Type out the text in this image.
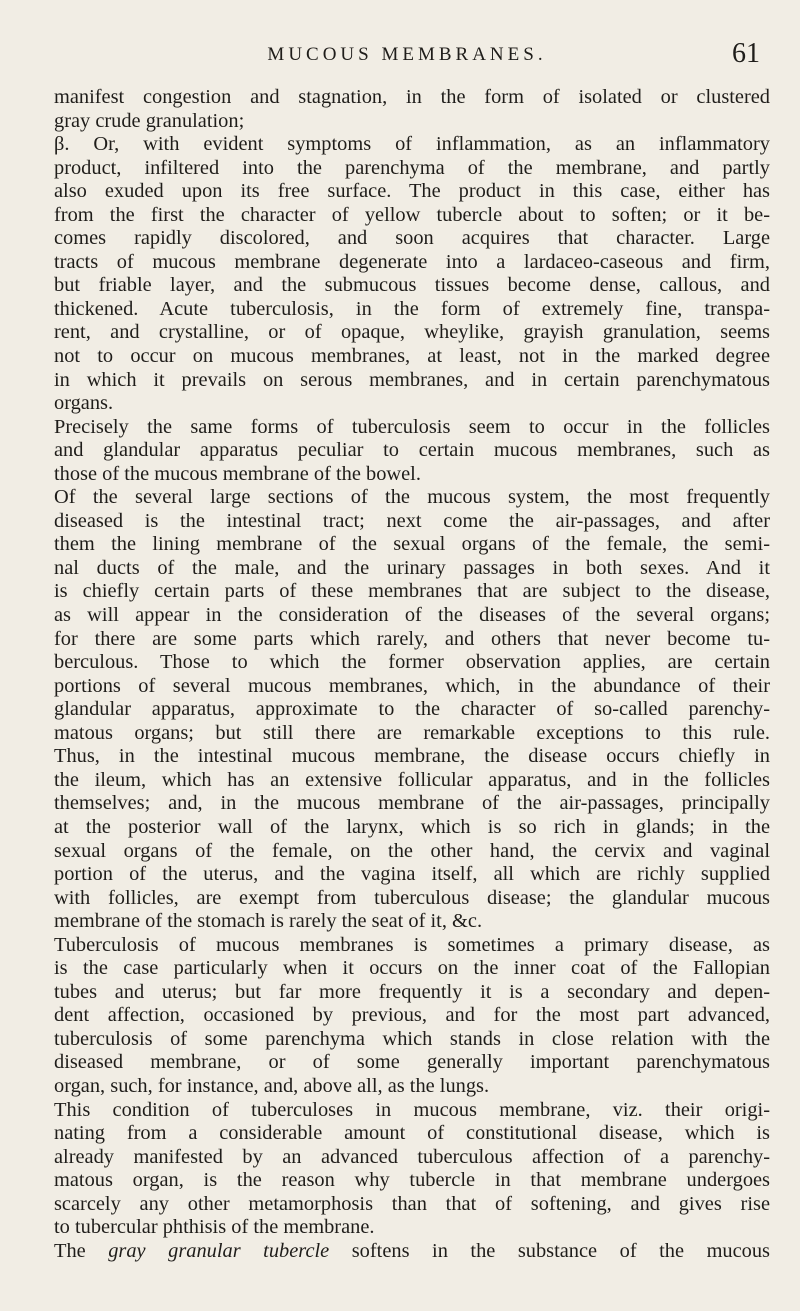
MUCOUS MEMBRANES.	61
manifest congestion and stagnation, in the form of isolated or clustered
gray crude granulation;
β. Or, with evident symptoms of inflammation, as an inflammatory
product, infiltered into the parenchyma of the membrane, and partly
also exuded upon its free surface. The product in this case, either has
from the first the character of yellow tubercle about to soften; or it be-
comes rapidly discolored, and soon acquires that character. Large
tracts of mucous membrane degenerate into a lardaceo-caseous and firm,
but friable layer, and the submucous tissues become dense, callous, and
thickened. Acute tuberculosis, in the form of extremely fine, transpa-
rent, and crystalline, or of opaque, wheylike, grayish granulation, seems
not to occur on mucous membranes, at least, not in the marked degree
in which it prevails on serous membranes, and in certain parenchymatous
organs.
Precisely the same forms of tuberculosis seem to occur in the follicles
and glandular apparatus peculiar to certain mucous membranes, such as
those of the mucous membrane of the bowel.
Of the several large sections of the mucous system, the most frequently
diseased is the intestinal tract; next come the air-passages, and after
them the lining membrane of the sexual organs of the female, the semi-
nal ducts of the male, and the urinary passages in both sexes. And it
is chiefly certain parts of these membranes that are subject to the disease,
as will appear in the consideration of the diseases of the several organs;
for there are some parts which rarely, and others that never become tu-
berculous. Those to which the former observation applies, are certain
portions of several mucous membranes, which, in the abundance of their
glandular apparatus, approximate to the character of so-called parenchy-
matous organs; but still there are remarkable exceptions to this rule.
Thus, in the intestinal mucous membrane, the disease occurs chiefly in
the ileum, which has an extensive follicular apparatus, and in the follicles
themselves; and, in the mucous membrane of the air-passages, principally
at the posterior wall of the larynx, which is so rich in glands; in the
sexual organs of the female, on the other hand, the cervix and vaginal
portion of the uterus, and the vagina itself, all which are richly supplied
with follicles, are exempt from tuberculous disease; the glandular mucous
membrane of the stomach is rarely the seat of it, &c.
Tuberculosis of mucous membranes is sometimes a primary disease, as
is the case particularly when it occurs on the inner coat of the Fallopian
tubes and uterus; but far more frequently it is a secondary and depen-
dent affection, occasioned by previous, and for the most part advanced,
tuberculosis of some parenchyma which stands in close relation with the
diseased membrane, or of some generally important parenchymatous
organ, such, for instance, and, above all, as the lungs.
This condition of tuberculoses in mucous membrane, viz. their origi-
nating from a considerable amount of constitutional disease, which is
already manifested by an advanced tuberculous affection of a parenchy-
matous organ, is the reason why tubercle in that membrane undergoes
scarcely any other metamorphosis than that of softening, and gives rise
to tubercular phthisis of the membrane.
The gray granular tubercle softens in the substance of the mucous
